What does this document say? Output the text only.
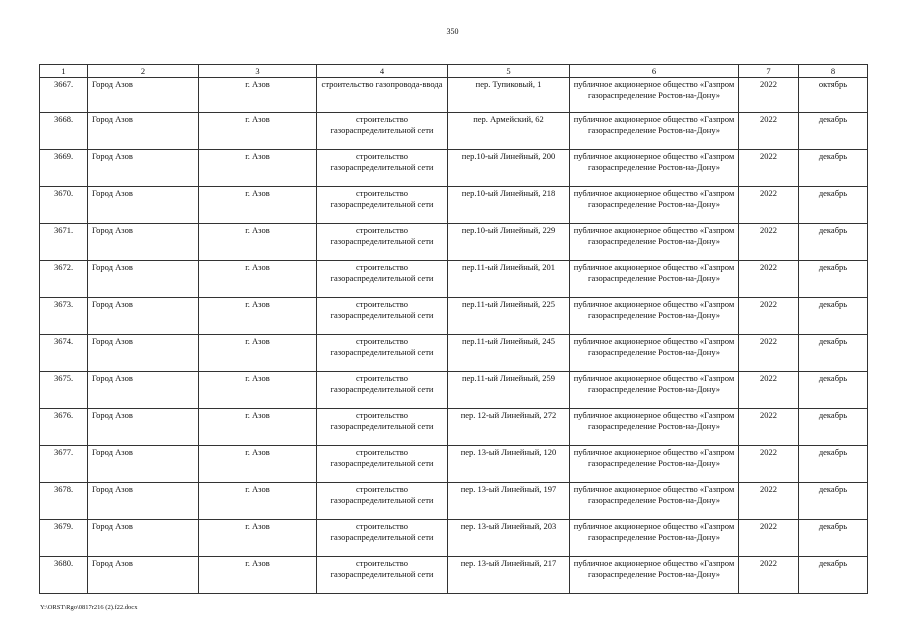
350
1	2	3	4	5	6	7	8
3667.	Город Азов	г. Азов	строительство газопровода-ввода	пер. Тупиковый, 1	публичное акционерное общество «Газпром газораспределение Ростов-на-Дону»	2022	октябрь
3668.	Город Азов	г. Азов	строительство газораспределительной сети	пер. Армейский, 62	публичное акционерное общество «Газпром газораспределение Ростов-на-Дону»	2022	декабрь
3669.	Город Азов	г. Азов	строительство газораспределительной сети	пер.10-ый Линейный, 200	публичное акционерное общество «Газпром газораспределение Ростов-на-Дону»	2022	декабрь
3670.	Город Азов	г. Азов	строительство газораспределительной сети	пер.10-ый Линейный, 218	публичное акционерное общество «Газпром газораспределение Ростов-на-Дону»	2022	декабрь
3671.	Город Азов	г. Азов	строительство газораспределительной сети	пер.10-ый Линейный, 229	публичное акционерное общество «Газпром газораспределение Ростов-на-Дону»	2022	декабрь
3672.	Город Азов	г. Азов	строительство газораспределительной сети	пер.11-ый Линейный, 201	публичное акционерное общество «Газпром газораспределение Ростов-на-Дону»	2022	декабрь
3673.	Город Азов	г. Азов	строительство газораспределительной сети	пер.11-ый Линейный, 225	публичное акционерное общество «Газпром газораспределение Ростов-на-Дону»	2022	декабрь
3674.	Город Азов	г. Азов	строительство газораспределительной сети	пер.11-ый Линейный, 245	публичное акционерное общество «Газпром газораспределение Ростов-на-Дону»	2022	декабрь
3675.	Город Азов	г. Азов	строительство газораспределительной сети	пер.11-ый Линейный, 259	публичное акционерное общество «Газпром газораспределение Ростов-на-Дону»	2022	декабрь
3676.	Город Азов	г. Азов	строительство газораспределительной сети	пер. 12-ый Линейный, 272	публичное акционерное общество «Газпром газораспределение Ростов-на-Дону»	2022	декабрь
3677.	Город Азов	г. Азов	строительство газораспределительной сети	пер. 13-ый Линейный, 120	публичное акционерное общество «Газпром газораспределение Ростов-на-Дону»	2022	декабрь
3678.	Город Азов	г. Азов	строительство газораспределительной сети	пер. 13-ый Линейный, 197	публичное акционерное общество «Газпром газораспределение Ростов-на-Дону»	2022	декабрь
3679.	Город Азов	г. Азов	строительство газораспределительной сети	пер. 13-ый Линейный, 203	публичное акционерное общество «Газпром газораспределение Ростов-на-Дону»	2022	декабрь
3680.	Город Азов	г. Азов	строительство газораспределительной сети	пер. 13-ый Линейный, 217	публичное акционерное общество «Газпром газораспределение Ростов-на-Дону»	2022	декабрь
Y:\ORST\Rgo\0817r216 (2).f22.docx
